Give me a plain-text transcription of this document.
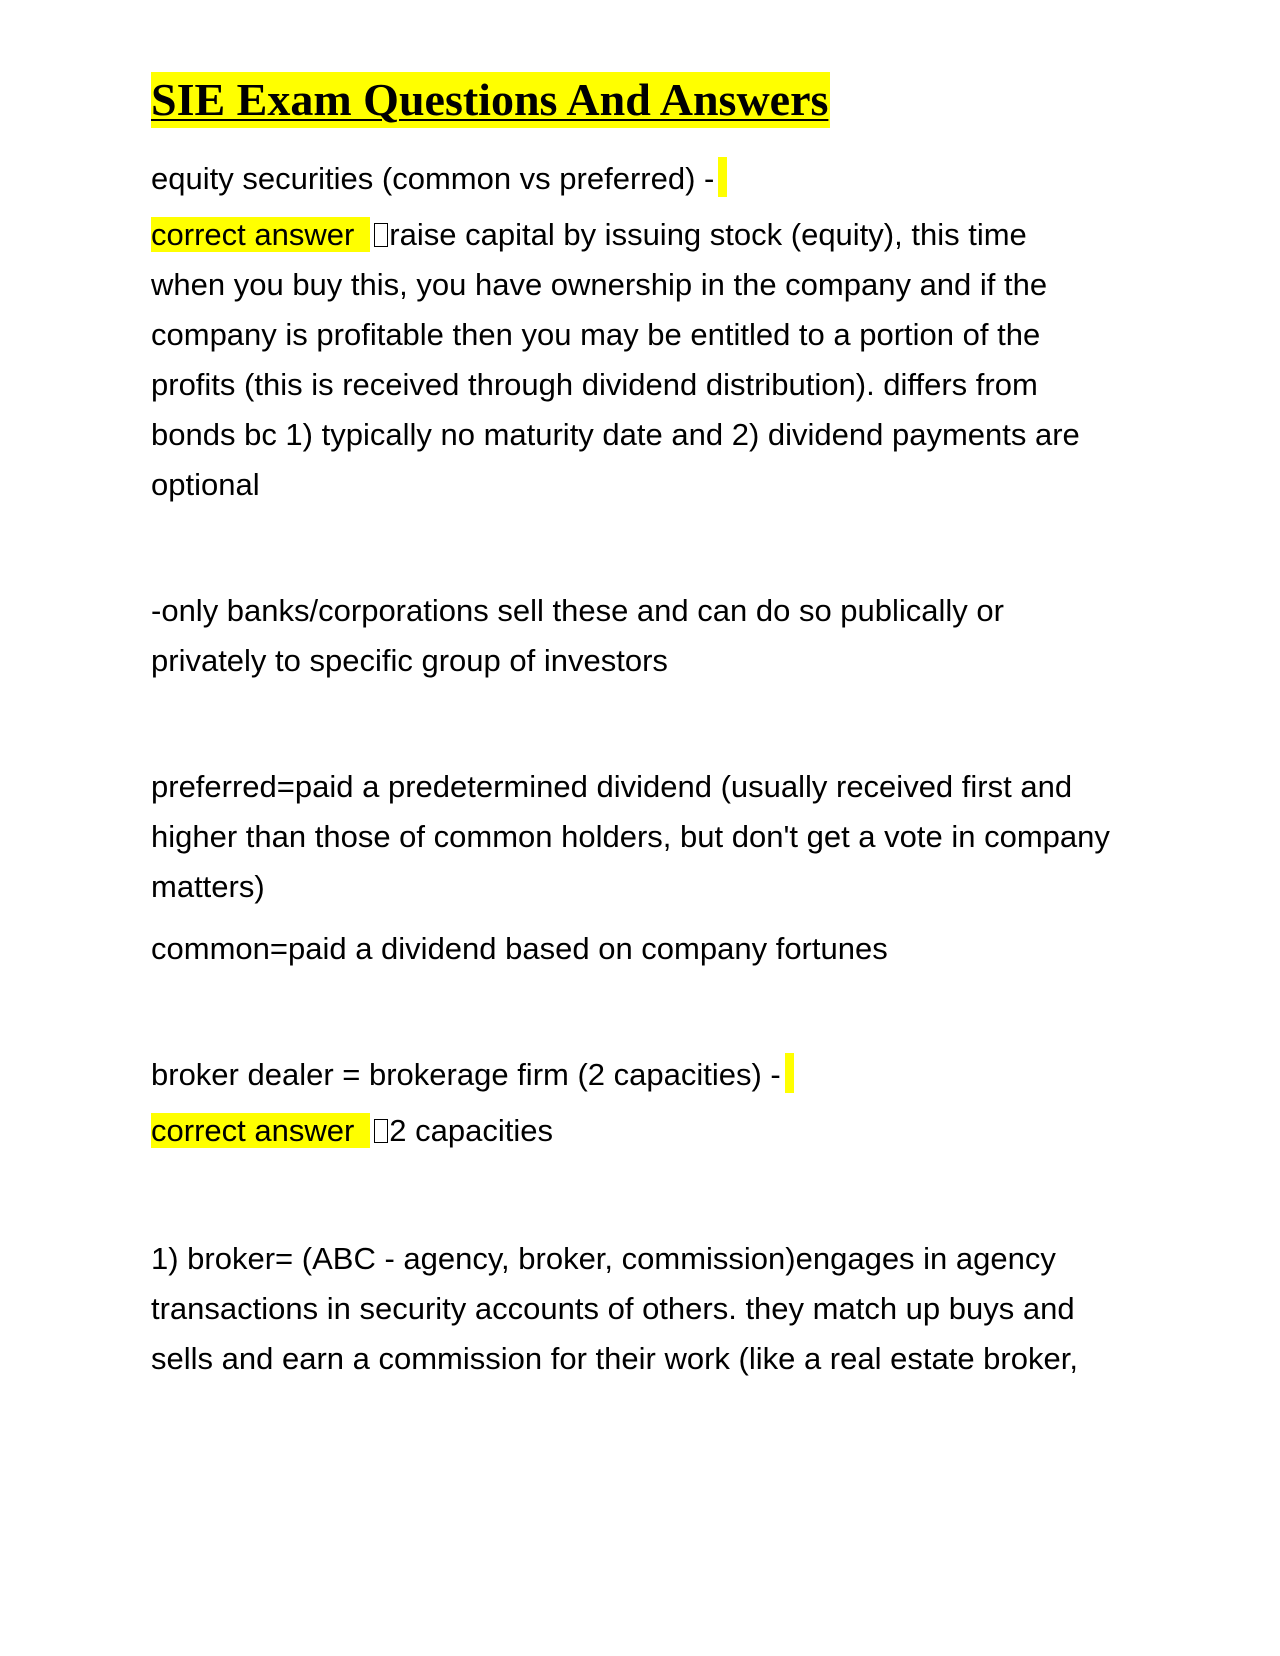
SIE Exam Questions And Answers

equity securities (common vs preferred) -

correct answer raise capital by issuing stock (equity), this time when you buy this, you have ownership in the company and if the company is profitable then you may be entitled to a portion of the profits (this is received through dividend distribution). differs from bonds bc 1) typically no maturity date and 2) dividend payments are optional

-only banks/corporations sell these and can do so publically or privately to specific group of investors

preferred=paid a predetermined dividend (usually received first and higher than those of common holders, but don't get a vote in company matters)

common=paid a dividend based on company fortunes

broker dealer = brokerage firm (2 capacities) -

correct answer 2 capacities

1) broker= (ABC - agency, broker, commission)engages in agency transactions in security accounts of others. they match up buys and sells and earn a commission for their work (like a real estate broker,
